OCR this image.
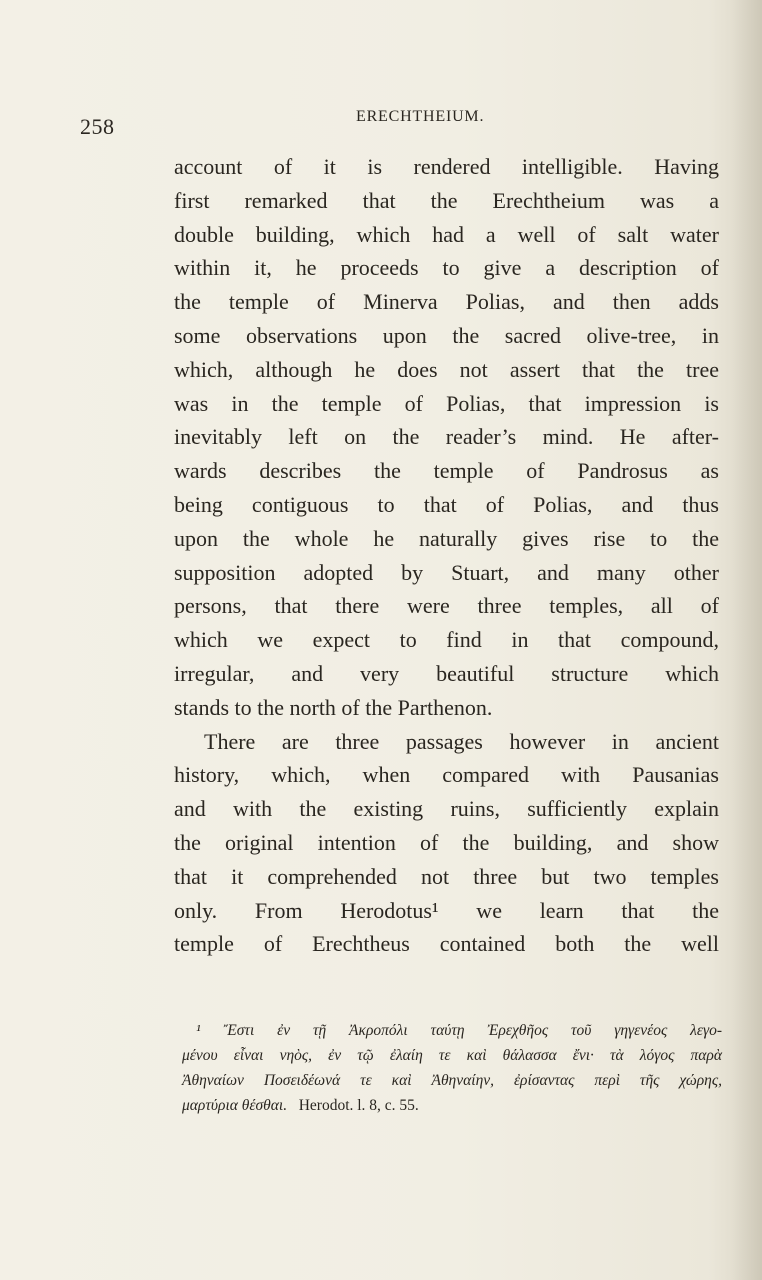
258	ERECHTHEIUM.
account of it is rendered intelligible. Having
first remarked that the Erechtheium was a
double building, which had a well of salt water
within it, he proceeds to give a description of
the temple of Minerva Polias, and then adds
some observations upon the sacred olive-tree, in
which, although he does not assert that the tree
was in the temple of Polias, that impression is
inevitably left on the reader’s mind. He after-
wards describes the temple of Pandrosus as
being contiguous to that of Polias, and thus
upon the whole he naturally gives rise to the
supposition adopted by Stuart, and many other
persons, that there were three temples, all of
which we expect to find in that compound,
irregular, and very beautiful structure which
stands to the north of the Parthenon.
There are three passages however in ancient
history, which, when compared with Pausanias
and with the existing ruins, sufficiently explain
the original intention of the building, and show
that it comprehended not three but two temples
only. From Herodotus¹ we learn that the
temple of Erechtheus contained both the well
¹ Ἔστι ἐν τῇ Ἀκροπόλι ταύτῃ Ἐρεχθῆος τοῦ γηγενέος λεγο-
μένου εἶναι νηὸς, ἐν τῷ ἐλαίη τε καὶ θάλασσα ἔνι· τὰ λόγος παρὰ
Ἀθηναίων Ποσειδέωνά τε καὶ Ἀθηναίην, ἐρίσαντας περὶ τῆς χώρης,
μαρτύρια θέσθαι. Herodot. l. 8, c. 55.
